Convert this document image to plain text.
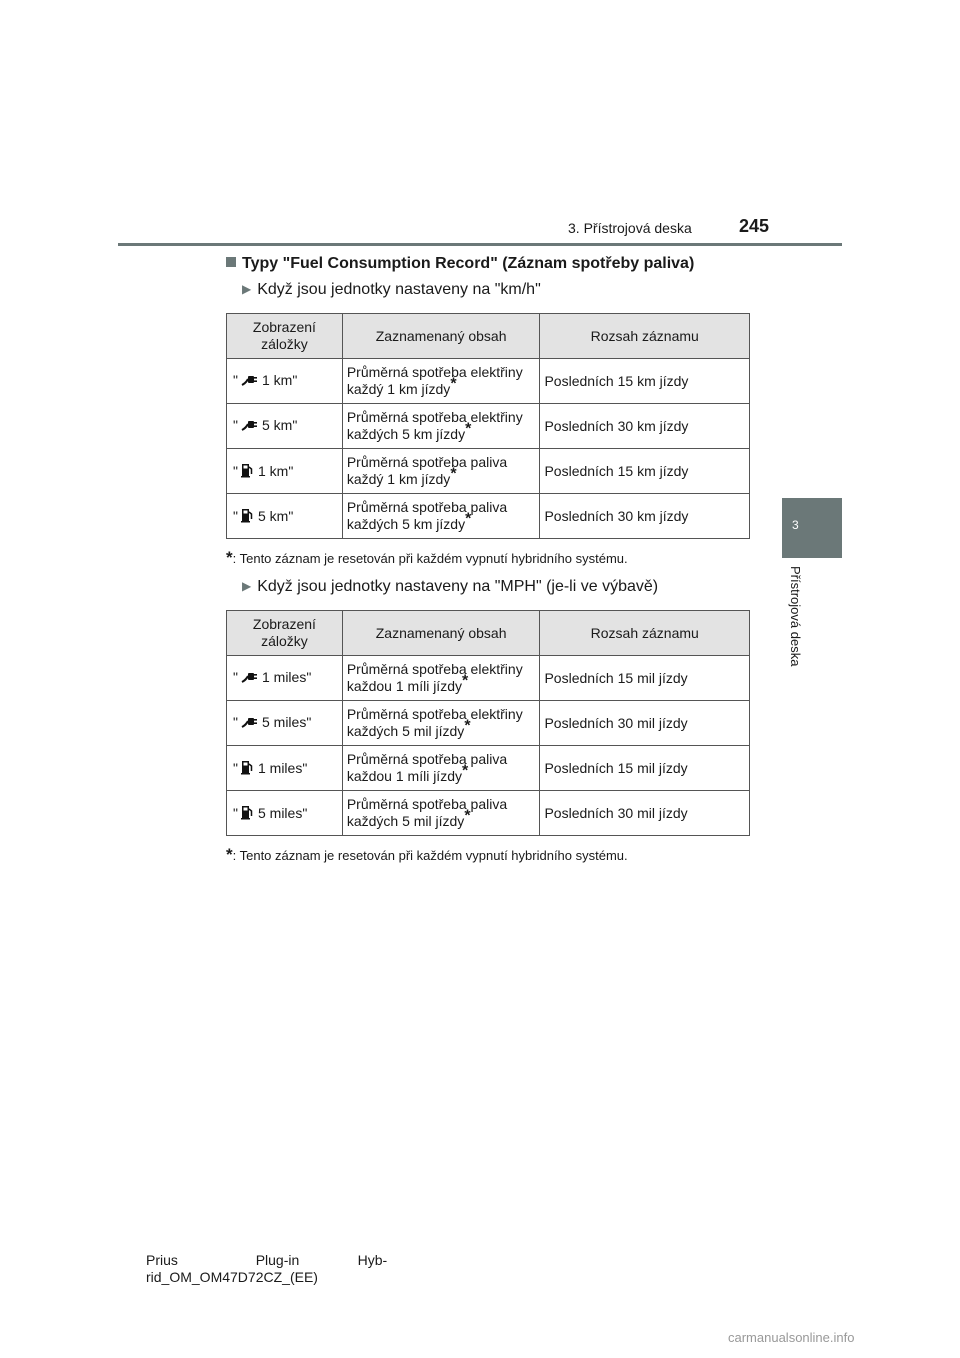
3. Přístrojová deska	245
3
Přístrojová deska
Typy "Fuel Consumption Record" (Záznam spotřeby paliva)
▶ Když jsou jednotky nastaveny na "km/h"
Zobrazení záložky	Zaznamenaný obsah	Rozsah záznamu
" 1 km"	Průměrná spotřeba elektřiny každý 1 km jízdy*	Posledních 15 km jízdy
" 5 km"	Průměrná spotřeba elektřiny každých 5 km jízdy*	Posledních 30 km jízdy
" 1 km"	Průměrná spotřeba paliva každý 1 km jízdy*	Posledních 15 km jízdy
" 5 km"	Průměrná spotřeba paliva každých 5 km jízdy*	Posledních 30 km jízdy
*: Tento záznam je resetován při každém vypnutí hybridního systému.
▶ Když jsou jednotky nastaveny na "MPH" (je-li ve výbavě)
Zobrazení záložky	Zaznamenaný obsah	Rozsah záznamu
" 1 miles"	Průměrná spotřeba elektřiny každou 1 míli jízdy*	Posledních 15 mil jízdy
" 5 miles"	Průměrná spotřeba elektřiny každých 5 mil jízdy*	Posledních 30 mil jízdy
" 1 miles"	Průměrná spotřeba paliva každou 1 míli jízdy*	Posledních 15 mil jízdy
" 5 miles"	Průměrná spotřeba paliva každých 5 mil jízdy*	Posledních 30 mil jízdy
*: Tento záznam je resetován při každém vypnutí hybridního systému.
Prius                    Plug-in               Hyb-
rid_OM_OM47D72CZ_(EE)
carmanualsonline.info
